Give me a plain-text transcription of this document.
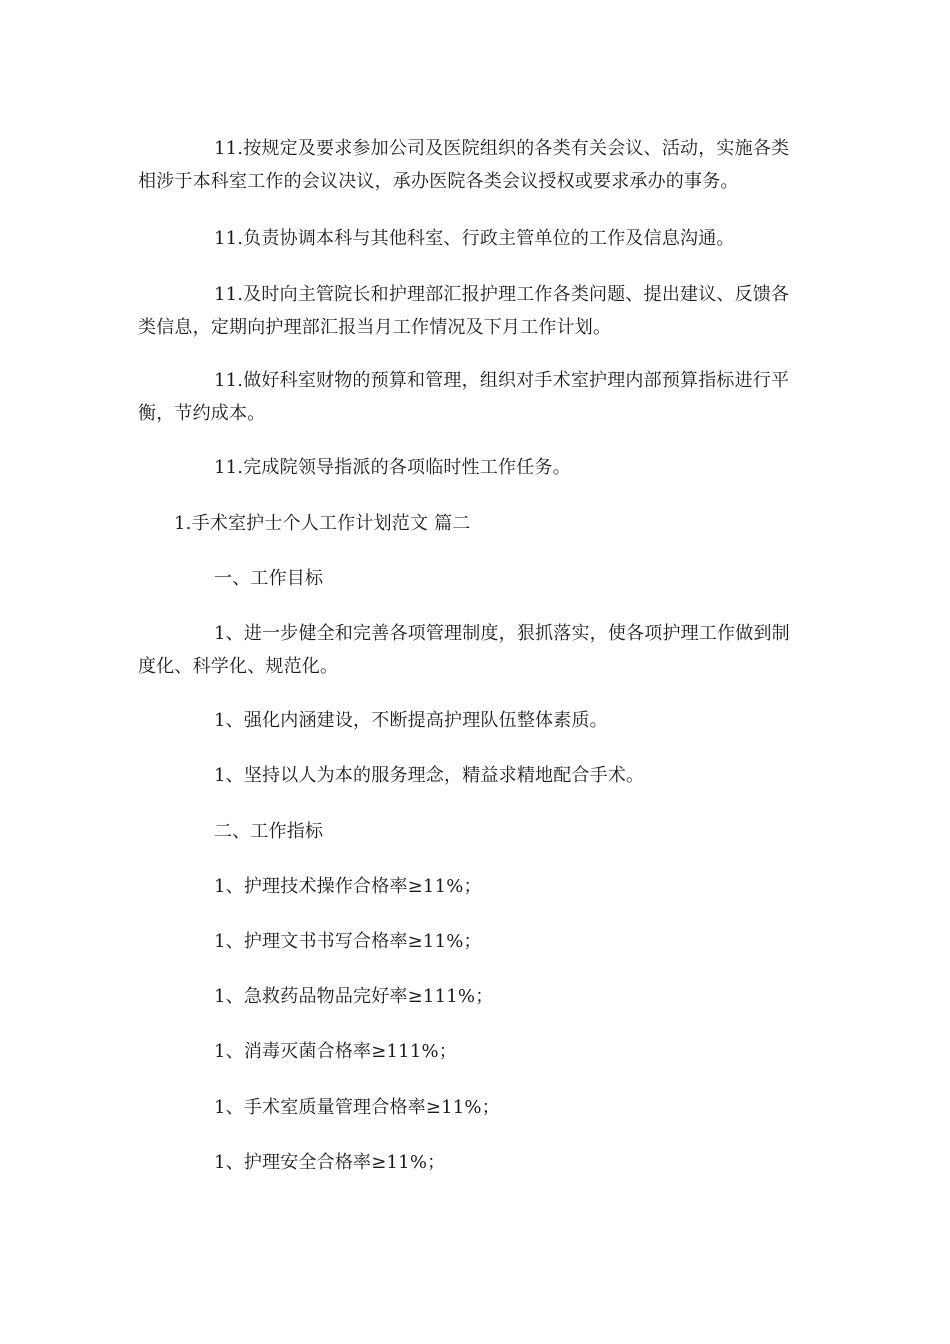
11.按规定及要求参加公司及医院组织的各类有关会议、活动，实施各类相涉于本科室工作的会议决议，承办医院各类会议授权或要求承办的事务。

11.负责协调本科与其他科室、行政主管单位的工作及信息沟通。

11.及时向主管院长和护理部汇报护理工作各类问题、提出建议、反馈各类信息，定期向护理部汇报当月工作情况及下月工作计划。

11.做好科室财物的预算和管理，组织对手术室护理内部预算指标进行平衡，节约成本。

11.完成院领导指派的各项临时性工作任务。

1.手术室护士个人工作计划范文 篇二

一、工作目标

1、进一步健全和完善各项管理制度，狠抓落实，使各项护理工作做到制度化、科学化、规范化。

1、强化内涵建设，不断提高护理队伍整体素质。

1、坚持以人为本的服务理念，精益求精地配合手术。

二、工作指标

1、护理技术操作合格率≥11%；

1、护理文书书写合格率≥11%；

1、急救药品物品完好率≥111%；

1、消毒灭菌合格率≥111%；

1、手术室质量管理合格率≥11%；

1、护理安全合格率≥11%；
